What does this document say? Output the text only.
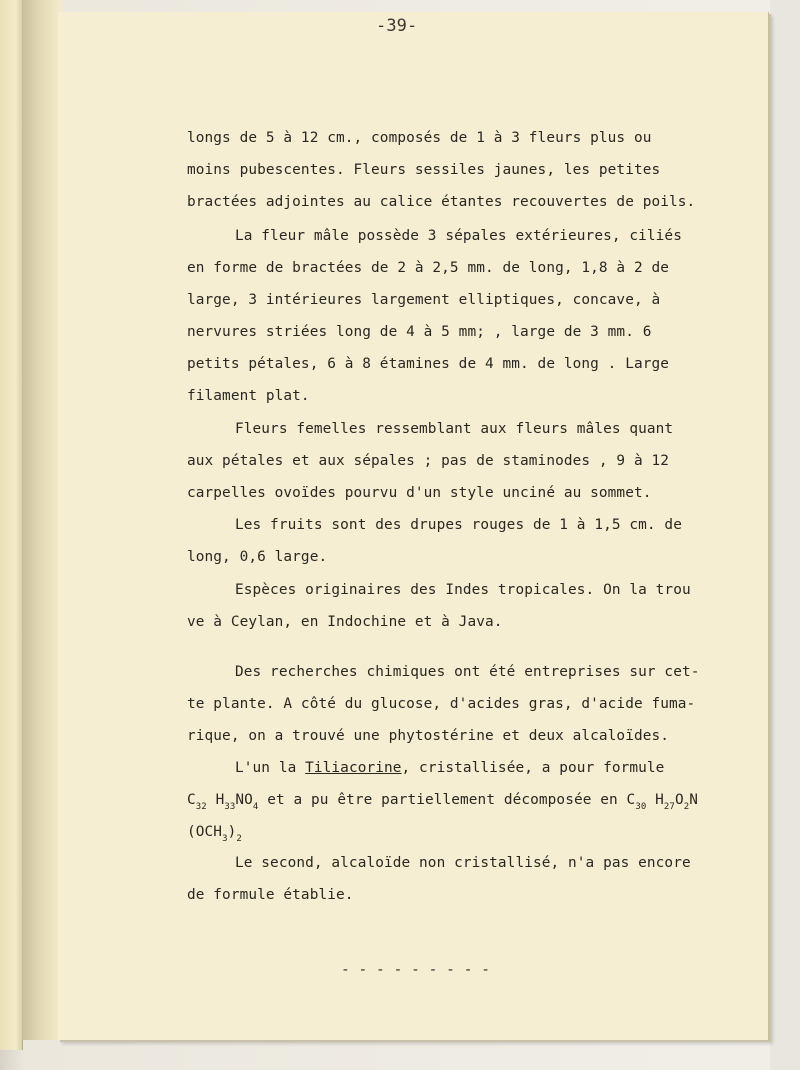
-39-
longs de 5 à 12 cm., composés de 1 à 3 fleurs plus ou
moins pubescentes. Fleurs sessiles jaunes, les petites
bractées adjointes au calice étantes recouvertes de poils.
La fleur mâle possède 3 sépales extérieures, ciliés
en forme de bractées de 2 à 2,5 mm. de long, 1,8 à 2 de
large, 3 intérieures largement elliptiques, concave, à
nervures striées long de 4 à 5 mm; , large de 3 mm. 6
petits pétales, 6 à 8 étamines de 4 mm. de long . Large
filament plat.
Fleurs femelles ressemblant aux fleurs mâles quant
aux pétales et aux sépales ; pas de staminodes , 9 à 12
carpelles ovoïdes pourvu d'un style unciné au sommet.
Les fruits sont des drupes rouges de 1 à 1,5 cm. de
long, 0,6 large.
Espèces originaires des Indes tropicales. On la trou
ve à Ceylan, en Indochine et à Java.
Des recherches chimiques ont été entreprises sur cet-
te plante. A côté du glucose, d'acides gras, d'acide fuma-
rique, on a trouvé une phytostérine et deux alcaloïdes.
L'un la Tiliacorine, cristallisée, a pour formule
$C_{32}$ $H_{33}NO_4$ et a pu être partiellement décomposée en $C_{30}$ $H_{27}O_2N$
$(OCH_3)_2$
Le second, alcaloïde non cristallisé, n'a pas encore
de formule établie.
- - - - - - - - -
